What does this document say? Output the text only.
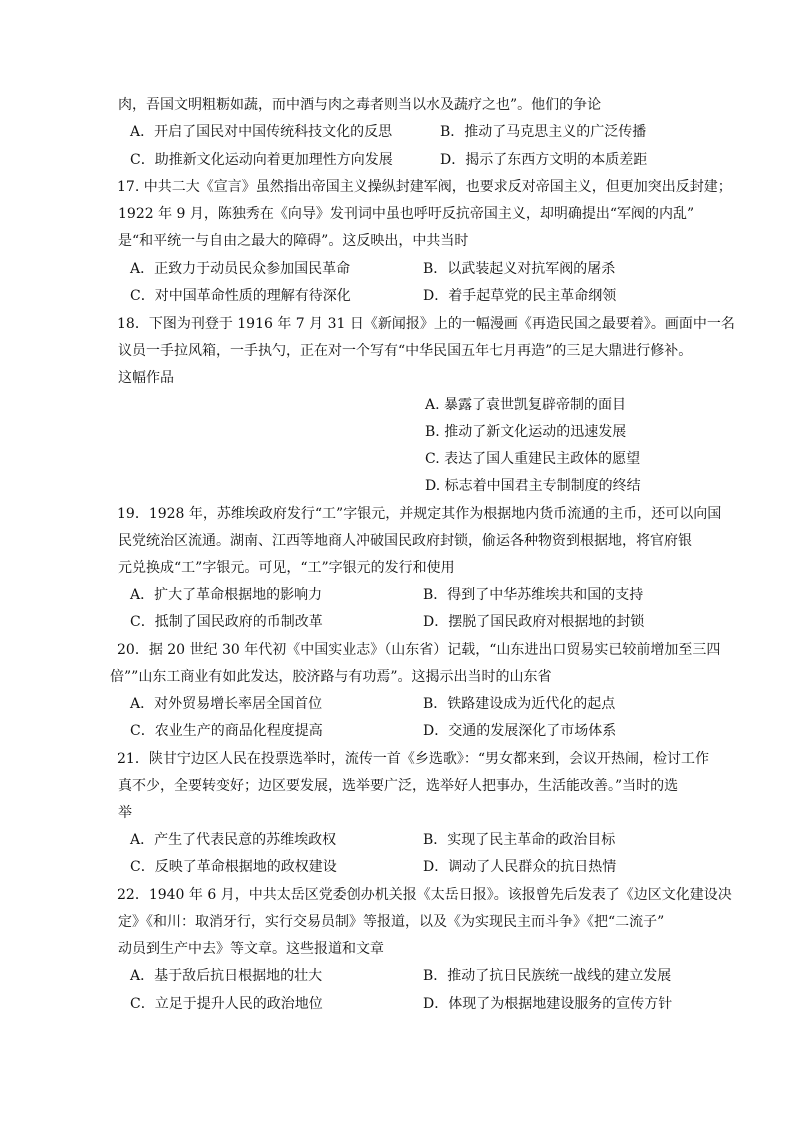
肉，吾国文明粗粝如蔬，而中酒与肉之毒者则当以水及蔬疗之也”。他们的争论
A．开启了国民对中国传统科技文化的反思	B．推动了马克思主义的广泛传播
C．助推新文化运动向着更加理性方向发展	D．揭示了东西方文明的本质差距
17. 中共二大《宣言》虽然指出帝国主义操纵封建军阀，也要求反对帝国主义，但更加突出反封建；
1922 年 9 月，陈独秀在《向导》发刊词中虽也呼吁反抗帝国主义，却明确提出“军阀的内乱”
是“和平统一与自由之最大的障碍”。这反映出，中共当时
A．正致力于动员民众参加国民革命	B．以武装起义对抗军阀的屠杀
C．对中国革命性质的理解有待深化	D．着手起草党的民主革命纲领
18．下图为刊登于 1916 年 7 月 31 日《新闻报》上的一幅漫画《再造民国之最要着》。画面中一名
议员一手拉风箱，一手执勺，正在对一个写有“中华民国五年七月再造”的三足大鼎进行修补。
这幅作品
A. 暴露了袁世凯复辟帝制的面目
B. 推动了新文化运动的迅速发展
C. 表达了国人重建民主政体的愿望
D. 标志着中国君主专制制度的终结
19．1928 年，苏维埃政府发行“工”字银元，并规定其作为根据地内货币流通的主币，还可以向国
民党统治区流通。湖南、江西等地商人冲破国民政府封锁，偷运各种物资到根据地，将官府银
元兑换成“工”字银元。可见，“工”字银元的发行和使用
A．扩大了革命根据地的影响力	B．得到了中华苏维埃共和国的支持
C．抵制了国民政府的币制改革	D．摆脱了国民政府对根据地的封锁
20．据 20 世纪 30 年代初《中国实业志》（山东省）记载，“山东进出口贸易实已较前增加至三四
倍””山东工商业有如此发达，胶济路与有功焉”。这揭示出当时的山东省
A．对外贸易增长率居全国首位	B．铁路建设成为近代化的起点
C．农业生产的商品化程度提高	D．交通的发展深化了市场体系
21．陕甘宁边区人民在投票选举时，流传一首《乡选歌》：“男女都来到，会议开热闹，检讨工作
真不少，全要转变好；边区要发展，选举要广泛，选举好人把事办，生活能改善。”当时的选
举
A．产生了代表民意的苏维埃政权	B．实现了民主革命的政治目标
C．反映了革命根据地的政权建设	D．调动了人民群众的抗日热情
22．1940 年 6 月，中共太岳区党委创办机关报《太岳日报》。该报曾先后发表了《边区文化建设决
定》《和川：取消牙行，实行交易员制》等报道，以及《为实现民主而斗争》《把“二流子”
动员到生产中去》等文章。这些报道和文章
A．基于敌后抗日根据地的壮大	B．推动了抗日民族统一战线的建立发展
C．立足于提升人民的政治地位	D．体现了为根据地建设服务的宣传方针
